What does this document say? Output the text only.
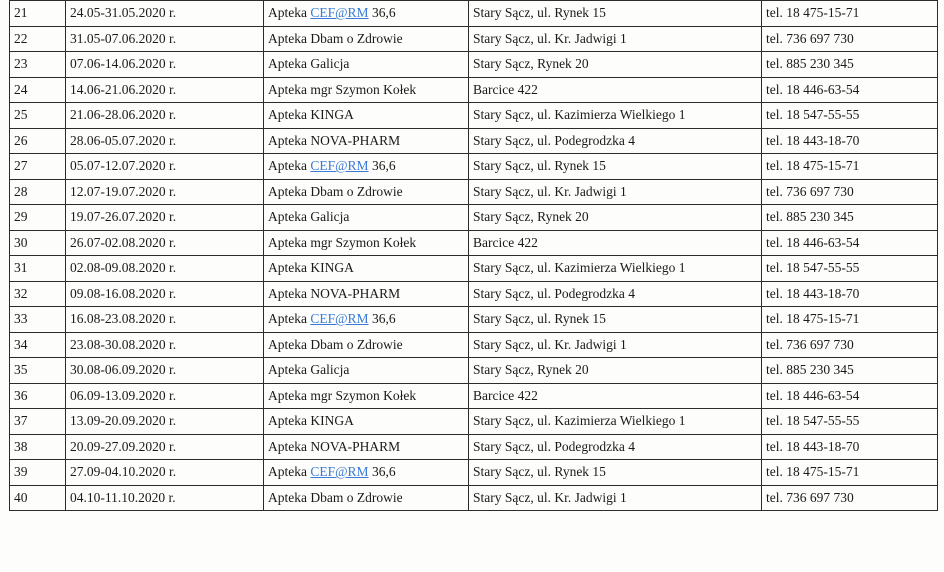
21	24.05-31.05.2020 r.	Apteka CEF@RM 36,6	Stary Sącz, ul. Rynek 15	tel. 18 475-15-71
22	31.05-07.06.2020 r.	Apteka Dbam o Zdrowie	Stary Sącz, ul. Kr. Jadwigi 1	tel. 736 697 730
23	07.06-14.06.2020 r.	Apteka Galicja	Stary Sącz, Rynek 20	tel. 885 230 345
24	14.06-21.06.2020 r.	Apteka mgr Szymon Kołek	Barcice 422	tel. 18 446-63-54
25	21.06-28.06.2020 r.	Apteka KINGA	Stary Sącz, ul. Kazimierza Wielkiego 1	tel. 18 547-55-55
26	28.06-05.07.2020 r.	Apteka NOVA-PHARM	Stary Sącz, ul. Podegrodzka 4	tel. 18 443-18-70
27	05.07-12.07.2020 r.	Apteka CEF@RM 36,6	Stary Sącz, ul. Rynek 15	tel. 18 475-15-71
28	12.07-19.07.2020 r.	Apteka Dbam o Zdrowie	Stary Sącz, ul. Kr. Jadwigi 1	tel. 736 697 730
29	19.07-26.07.2020 r.	Apteka Galicja	Stary Sącz, Rynek 20	tel. 885 230 345
30	26.07-02.08.2020 r.	Apteka mgr Szymon Kołek	Barcice 422	tel. 18 446-63-54
31	02.08-09.08.2020 r.	Apteka KINGA	Stary Sącz, ul. Kazimierza Wielkiego 1	tel. 18 547-55-55
32	09.08-16.08.2020 r.	Apteka NOVA-PHARM	Stary Sącz, ul. Podegrodzka 4	tel. 18 443-18-70
33	16.08-23.08.2020 r.	Apteka CEF@RM 36,6	Stary Sącz, ul. Rynek 15	tel. 18 475-15-71
34	23.08-30.08.2020 r.	Apteka Dbam o Zdrowie	Stary Sącz, ul. Kr. Jadwigi 1	tel. 736 697 730
35	30.08-06.09.2020 r.	Apteka Galicja	Stary Sącz, Rynek 20	tel. 885 230 345
36	06.09-13.09.2020 r.	Apteka mgr Szymon Kołek	Barcice 422	tel. 18 446-63-54
37	13.09-20.09.2020 r.	Apteka KINGA	Stary Sącz, ul. Kazimierza Wielkiego 1	tel. 18 547-55-55
38	20.09-27.09.2020 r.	Apteka NOVA-PHARM	Stary Sącz, ul. Podegrodzka 4	tel. 18 443-18-70
39	27.09-04.10.2020 r.	Apteka CEF@RM 36,6	Stary Sącz, ul. Rynek 15	tel. 18 475-15-71
40	04.10-11.10.2020 r.	Apteka Dbam o Zdrowie	Stary Sącz, ul. Kr. Jadwigi 1	tel. 736 697 730
